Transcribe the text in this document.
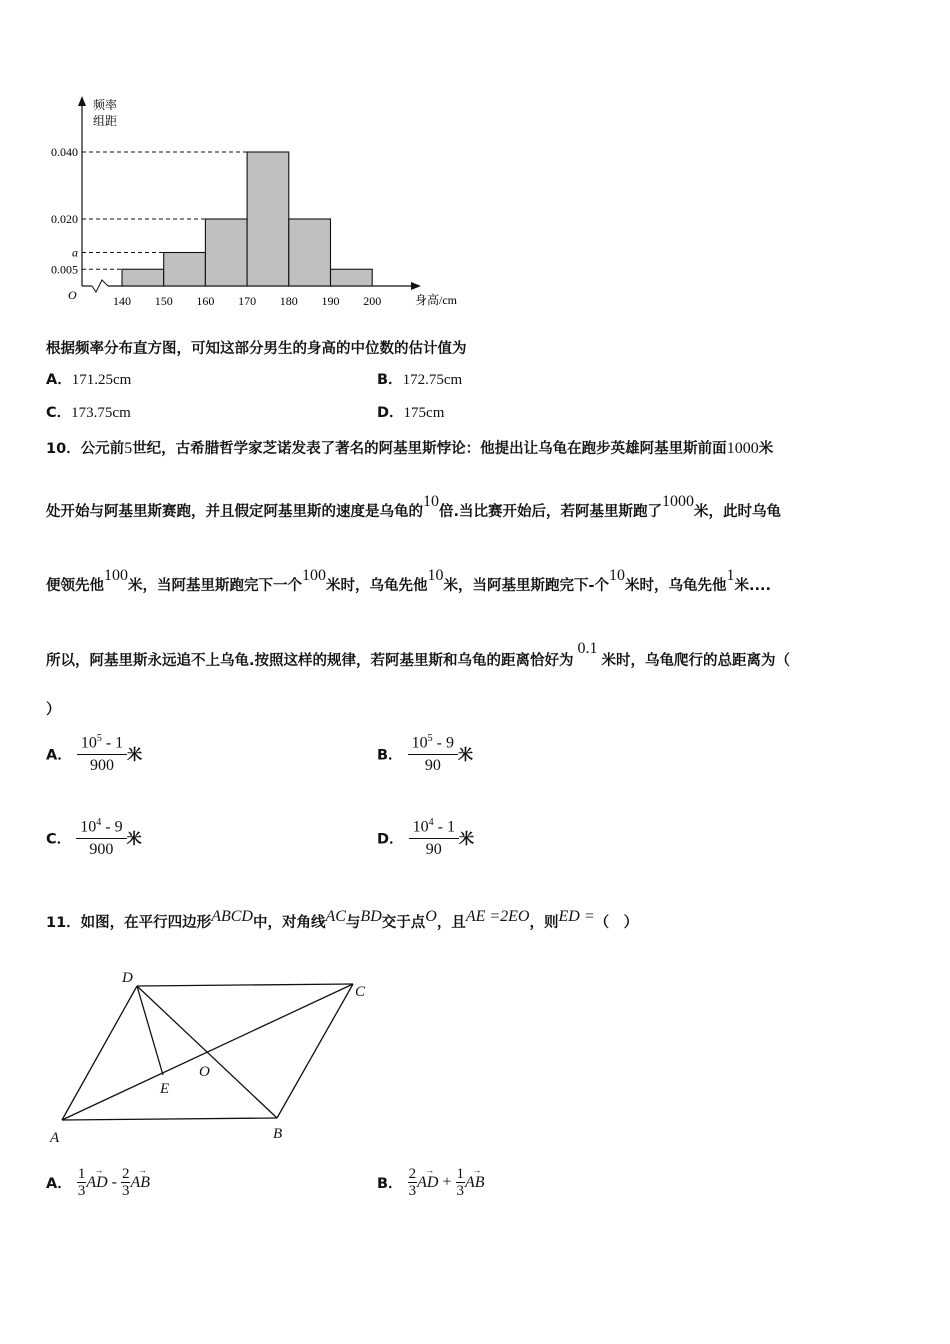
频率
组距
O	身高/cm
0.040
0.020
a
0.005
140 150 160 170 180 190 200
根据频率分布直方图，可知这部分男生的身高的中位数的估计值为
A．171.25cm	B．172.75cm
C．173.75cm	D．175cm
10．公元前5世纪，古希腊哲学家芝诺发表了著名的阿基里斯悖论：他提出让乌龟在跑步英雄阿基里斯前面1000米
处开始与阿基里斯赛跑，并且假定阿基里斯的速度是乌龟的10倍.当比赛开始后，若阿基里斯跑了1000米，此时乌龟
便领先他100米，当阿基里斯跑完下一个100米时，乌龟先他10米，当阿基里斯跑完下-个10米时，乌龟先他1米....
所以，阿基里斯永远追不上乌龟.按照这样的规律，若阿基里斯和乌龟的距离恰好为0.1米时，乌龟爬行的总距离为（
）
A． $\frac{10^5 - 1}{900}$ 米	B． $\frac{10^5 - 9}{90}$ 米
C． $\frac{10^4 - 9}{900}$ 米	D． $\frac{10^4 - 1}{90}$ 米
11．如图，在平行四边形ABCD中，对角线AC与BD交于点O，且AE =2EO，则ED =（　）
A	B
C
D
E
O
A． $\frac{1}{3}$ →
AD - $\frac{2}{3}$ →
AB	B． $\frac{2}{3}$ →
AD + $\frac{1}{3}$ →
AB
